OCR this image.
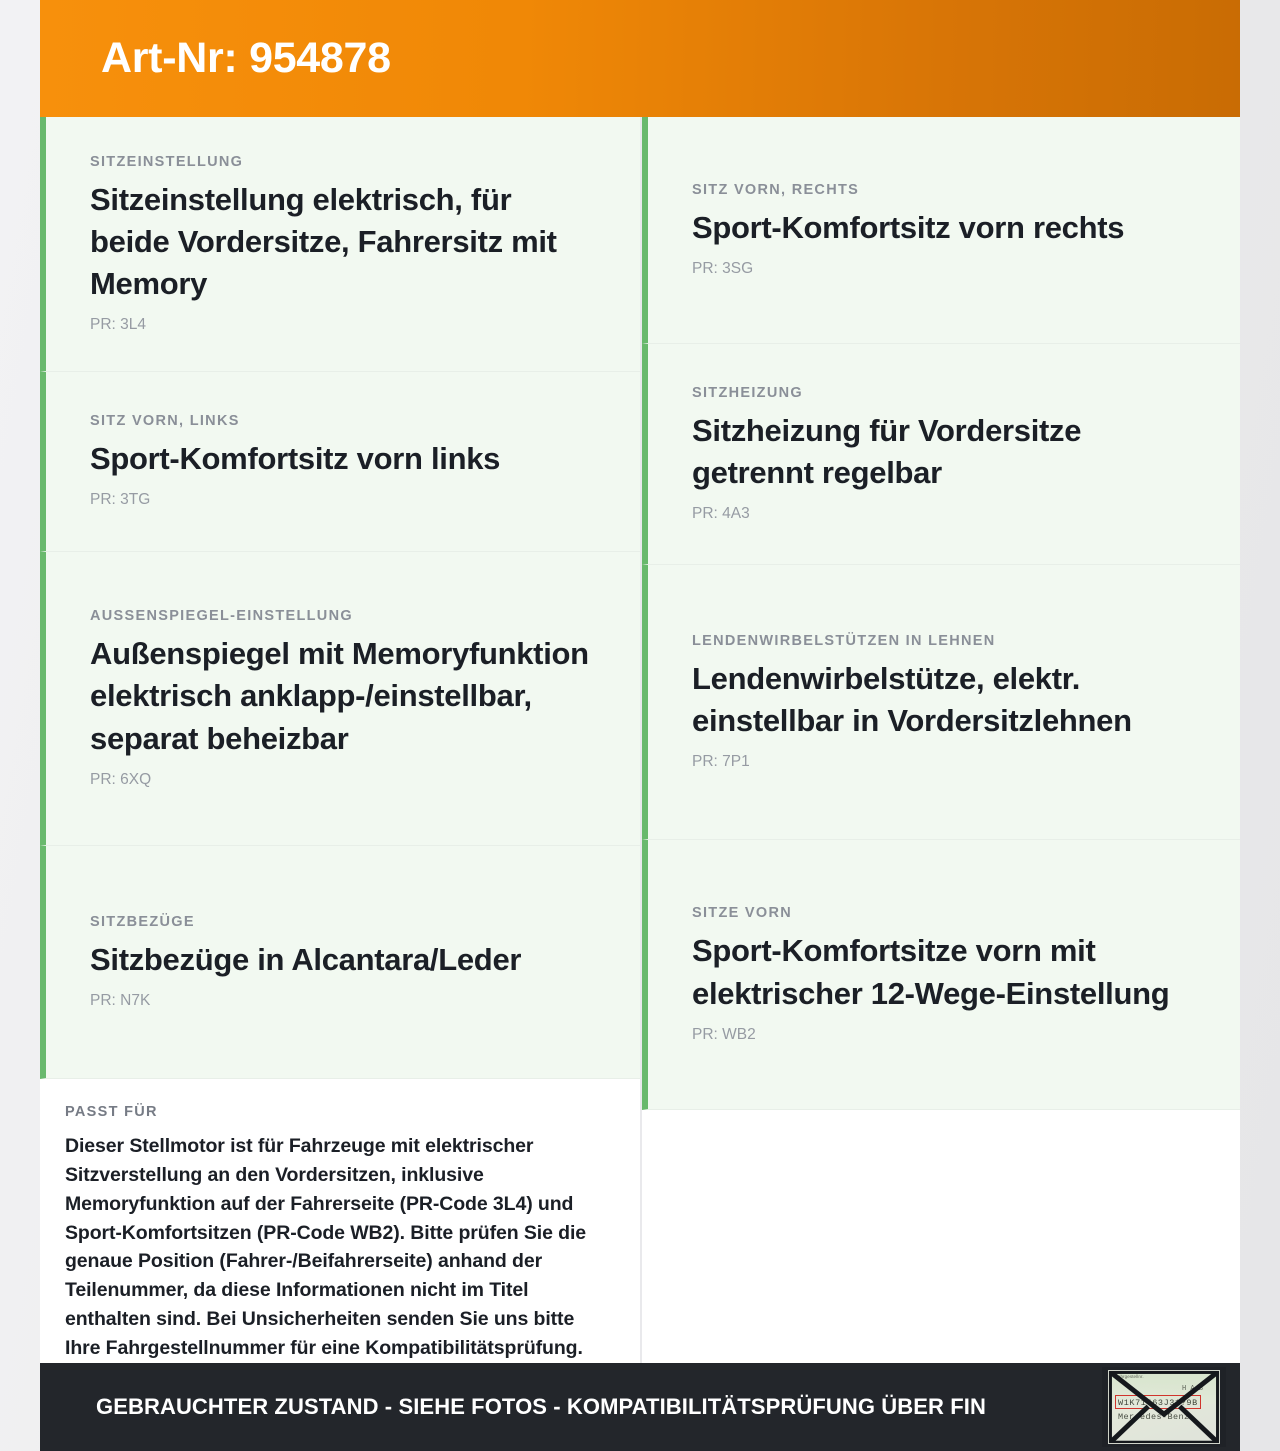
Art-Nr: 954878
SITZEINSTELLUNG
Sitzeinstellung elektrisch, für beide Vordersitze, Fahrersitz mit Memory
PR: 3L4
SITZ VORN, LINKS
Sport-Komfortsitz vorn links
PR: 3TG
AUSSENSPIEGEL-EINSTELLUNG
Außenspiegel mit Memoryfunktion elektrisch anklapp-/einstellbar, separat beheizbar
PR: 6XQ
SITZBEZÜGE
Sitzbezüge in Alcantara/Leder
PR: N7K
PASST FÜR
Dieser Stellmotor ist für Fahrzeuge mit elektrischer Sitzverstellung an den Vordersitzen, inklusive Memoryfunktion auf der Fahrerseite (PR-Code 3L4) und Sport-Komfortsitzen (PR-Code WB2). Bitte prüfen Sie die genaue Position (Fahrer-/Beifahrerseite) anhand der Teilenummer, da diese Informationen nicht im Titel enthalten sind. Bei Unsicherheiten senden Sie uns bitte Ihre Fahrgestellnummer für eine Kompatibilitätsprüfung.
SITZ VORN, RECHTS
Sport-Komfortsitz vorn rechts
PR: 3SG
SITZHEIZUNG
Sitzheizung für Vordersitze getrennt regelbar
PR: 4A3
LENDENWIRBELSTÜTZEN IN LEHNEN
Lendenwirbelstütze, elektr. einstellbar in Vordersitzlehnen
PR: 7P1
SITZE VORN
Sport-Komfortsitze vorn mit elektrischer 12-Wege-Einstellung
PR: WB2
GEBRAUCHTER ZUSTAND - SIEHE FOTOS - KOMPATIBILITÄTSPRÜFUNG ÜBER FIN
Fahrgestellnr.
H A/B
W1K71463J31?9B
Mercedes-Benz
